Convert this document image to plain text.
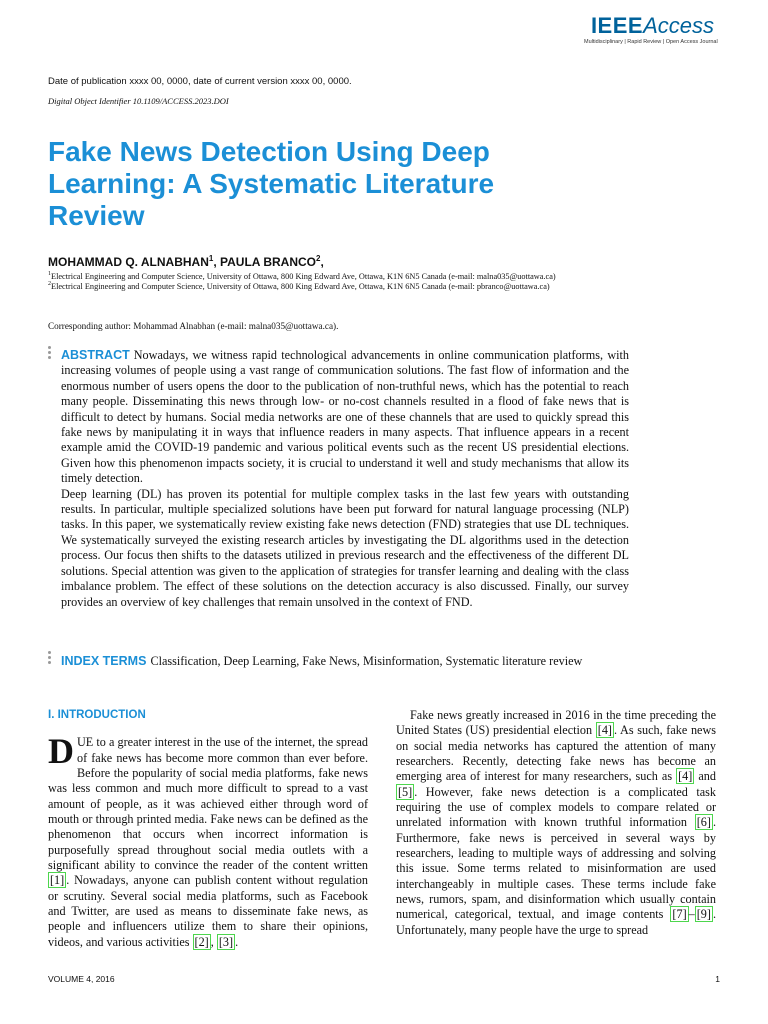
IEEEAccess
Multidisciplinary | Rapid Review | Open Access Journal
Date of publication xxxx 00, 0000, date of current version xxxx 00, 0000.
Digital Object Identifier 10.1109/ACCESS.2023.DOI
Fake News Detection Using Deep Learning: A Systematic Literature Review
MOHAMMAD Q. ALNABHAN$^1$, PAULA BRANCO$^2$,
$^1$Electrical Engineering and Computer Science, University of Ottawa, 800 King Edward Ave, Ottawa, K1N 6N5 Canada (e-mail: malna035@uottawa.ca)
$^2$Electrical Engineering and Computer Science, University of Ottawa, 800 King Edward Ave, Ottawa, K1N 6N5 Canada (e-mail: pbranco@uottawa.ca)
Corresponding author: Mohammad Alnabhan (e-mail: malna035@uottawa.ca).

ABSTRACT Nowadays, we witness rapid technological advancements in online communication platforms, with increasing volumes of people using a vast range of communication solutions. The fast flow of information and the enormous number of users opens the door to the publication of non-truthful news, which has the potential to reach many people. Disseminating this news through low- or no-cost channels resulted in a flood of fake news that is difficult to detect by humans. Social media networks are one of these channels that are used to quickly spread this fake news by manipulating it in ways that influence readers in many aspects. That influence appears in a recent example amid the COVID-19 pandemic and various political events such as the recent US presidential elections. Given how this phenomenon impacts society, it is crucial to understand it well and study mechanisms that allow its timely detection.

Deep learning (DL) has proven its potential for multiple complex tasks in the last few years with outstanding results. In particular, multiple specialized solutions have been put forward for natural language processing (NLP) tasks. In this paper, we systematically review existing fake news detection (FND) strategies that use DL techniques. We systematically surveyed the existing research articles by investigating the DL algorithms used in the detection process. Our focus then shifts to the datasets utilized in previous research and the effectiveness of the different DL solutions. Special attention was given to the application of strategies for transfer learning and dealing with the class imbalance problem. The effect of these solutions on the detection accuracy is also discussed. Finally, our survey provides an overview of key challenges that remain unsolved in the context of FND.

INDEX TERMS Classification, Deep Learning, Fake News, Misinformation, Systematic literature review
I. INTRODUCTION

DUE to a greater interest in the use of the internet, the spread of fake news has become more common than ever before. Before the popularity of social media platforms, fake news was less common and much more difficult to spread to a vast amount of people, as it was achieved either through word of mouth or through printed media. Fake news can be defined as the phenomenon that occurs when incorrect information is purposefully spread throughout social media outlets with a significant ability to convince the reader of the content written [1] . Nowadays, anyone can publish content without regulation or scrutiny. Several social media platforms, such as Facebook and Twitter, are used as means to disseminate fake news, as people and influencers utilize them to share their opinions, videos, and various activities [2] , [3] .

Fake news greatly increased in 2016 in the time preceding the United States (US) presidential election [4] . As such, fake news on social media networks has captured the attention of many researchers. Recently, detecting fake news has become an emerging area of interest for many researchers, such as [4] and [5] . However, fake news detection is a complicated task requiring the use of complex models to compare related or unrelated information with known truthful information [6] . Furthermore, fake news is perceived in several ways by researchers, leading to multiple ways of addressing and solving this issue. Some terms related to misinformation are used interchangeably in multiple cases. These terms include fake news, rumors, spam, and disinformation which usually contain numerical, categorical, textual, and image contents [7] – [9] . Unfortunately, many people have the urge to spread

VOLUME 4, 2016	1
